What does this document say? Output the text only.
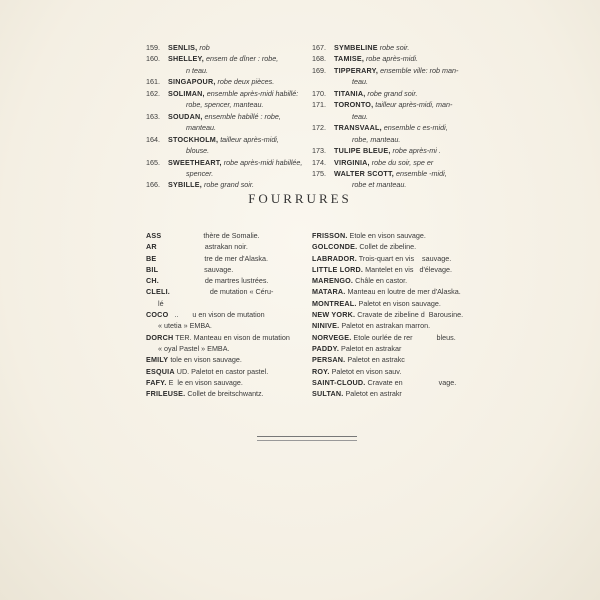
159. SENLIS, rob
160. SHELLEY, ensem de dîner : robe,
n teau.
161. SINGAPOUR, robe deux pièces.
162. SOLIMAN, ensemble après-midi habillé:
robe, spencer, manteau.
163. SOUDAN, ensemble habillé : robe,
manteau.
164. STOCKHOLM, tailleur après-midi,
blouse.
165. SWEETHEART, robe après-midi habillée,
spencer.
166. SYBILLE, robe grand soir.
167. SYMBELINE robe soir.
168. TAMISE, robe après-midi.
169. TIPPERARY, ensemble ville: rob man-
teau.
170. TITANIA, robe grand soir.
171. TORONTO, tailleur après-midi, man-
teau.
172. TRANSVAAL, ensemble c es-midi,
robe, manteau.
173. TULIPE BLEUE, robe après-mi .
174. VIRGINIA, robe du soir, spe er
175. WALTER SCOTT, ensemble -midi,
robe et manteau.
FOURRURES
ASS                     thère de Somalie.
AR                        astrakan noir.
BE                        tre de mer d'Alaska.
BIL                       sauvage.
CH.                       de martres lustrées.
CLELI.                    de mutation « Céru-
lé
COCO   ..       u en vison de mutation
« utetia » EMBA.
DORCH TER. Manteau en vison de mutation
« oyal Pastel » EMBA.
EMILY tole en vison sauvage.
ESQUIA UD. Paletot en castor pastel.
FAFY. E  le en vison sauvage.
FRILEUSE. Collet de breitschwantz.
FRISSON. Etole en vison sauvage.
GOLCONDE. Collet de zibeline.
LABRADOR. Trois-quart en vis    sauvage.
LITTLE LORD. Mantelet en vis   d'élevage.
MARENGO. Châle en castor.
MATARA. Manteau en loutre de mer d'Alaska.
MONTREAL. Paletot en vison sauvage.
NEW YORK. Cravate de zibeline d  Barousine.
NINIVE. Paletot en astrakan marron.
NORVEGE. Etole ourlée de rer            bleus.
PADDY. Paletot en astrakar
PERSAN. Paletot en astrakc
ROY. Paletot en vison sauv.
SAINT-CLOUD. Cravate en                  vage.
SULTAN. Paletot en astrakr
